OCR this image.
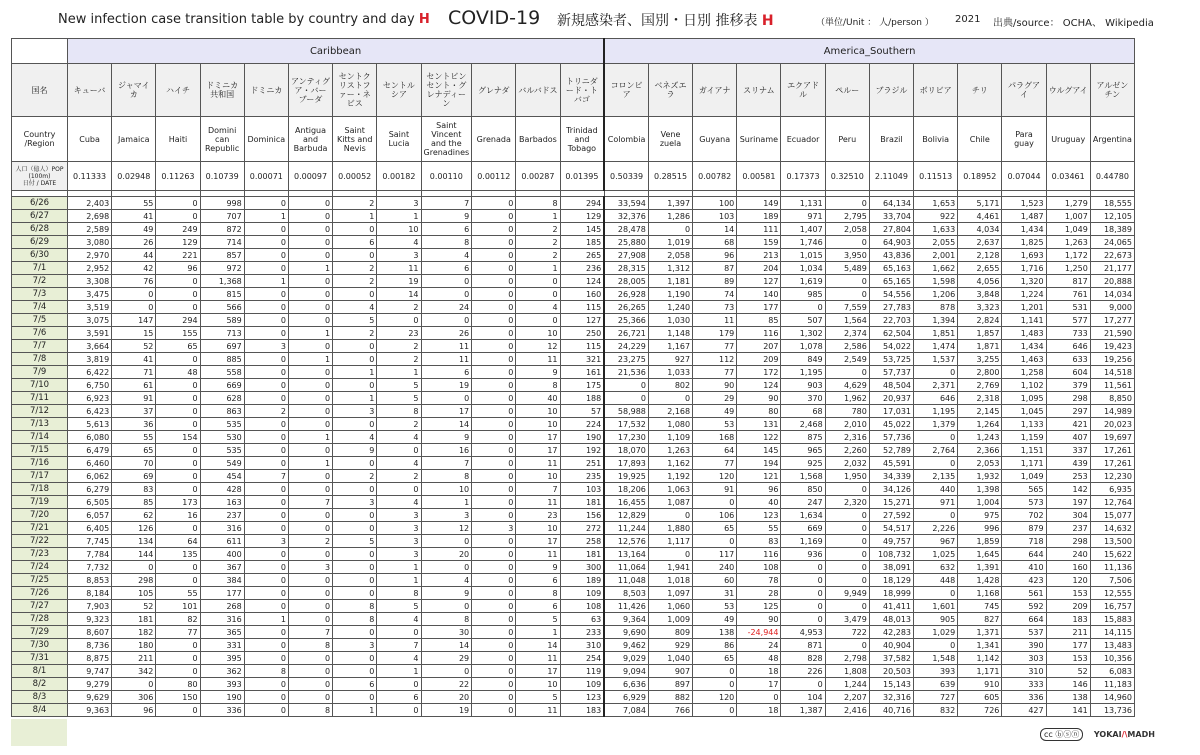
New infection case transition table by country and day H COVID-19 新規感染者、国別・日別 推移表 H	（単位/Unit ： 人/person ） 2021 出典/source： OCHA、 Wikipedia
	Caribbean												America_Southern											
国名	キューバ	ジャマイカ	ハイチ	ドミニカ共和国	ドミニカ	アンティグア・バーブーダ	セントクリストファー・ネビス	セントルシア	セントビンセント・グレナディーン	グレナダ	バルバドス	トリニダード・トバゴ	コロンビア	ベネズエラ	ガイアナ	スリナム	エクアドル	ペルー	ブラジル	ボリビア	チリ	パラグアイ	ウルグアイ	アルゼンチン
Country /Region	Cuba	Jamaica	Haiti	Domini can Republic	Dominica	Antigua and Barbuda	Saint Kitts and Nevis	Saint Lucia	Saint Vincent and the Grenadines	Grenada	Barbados	Trinidad and Tobago	Colombia	Vene zuela	Guyana	Suriname	Ecuador	Peru	Brazil	Bolivia	Chile	Para guay	Uruguay	Argentina

人口（億人）POP (100m)
日付 / DATE	0.11333	0.02948	0.11263	0.10739	0.00071	0.00097	0.00052	0.00182	0.00110	0.00112	0.00287	0.01395	0.50339	0.28515	0.00782	0.00581	0.17373	0.32510	2.11049	0.11513	0.18952	0.07044	0.03461	0.44780

6/26	2,403	55	0	998	0	0	2	3	7	0	8	294	33,594	1,397	100	149	1,131	0	64,134	1,653	5,171	1,523	1,279	18,555
6/27	2,698	41	0	707	1	0	1	1	9	0	1	129	32,376	1,286	103	189	971	2,795	33,704	922	4,461	1,487	1,007	12,105
6/28	2,589	49	249	872	0	0	0	10	6	0	2	145	28,478	0	14	111	1,407	2,058	27,804	1,633	4,034	1,434	1,049	18,389
6/29	3,080	26	129	714	0	0	6	4	8	0	2	185	25,880	1,019	68	159	1,746	0	64,903	2,055	2,637	1,825	1,263	24,065
6/30	2,970	44	221	857	0	0	0	3	4	0	2	265	27,908	2,058	96	213	1,015	3,950	43,836	2,001	2,128	1,693	1,172	22,673
7/1	2,952	42	96	972	0	1	2	11	6	0	1	236	28,315	1,312	87	204	1,034	5,489	65,163	1,662	2,655	1,716	1,250	21,177
7/2	3,308	76	0	1,368	1	0	2	19	0	0	0	124	28,005	1,181	89	127	1,619	0	65,165	1,598	4,056	1,320	817	20,888
7/3	3,475	0	0	815	0	0	0	14	0	0	0	160	26,928	1,190	74	140	985	0	54,556	1,206	3,848	1,224	761	14,034
7/4	3,519	0	0	566	0	0	4	2	24	0	4	115	26,265	1,240	73	177	0	7,559	27,783	878	3,323	1,201	531	9,000
7/5	3,075	147	294	589	0	0	5	0	0	0	0	127	25,366	1,030	11	85	507	1,564	22,703	1,394	2,824	1,141	577	17,277
7/6	3,591	15	155	713	0	1	2	23	26	0	10	250	26,721	1,148	179	116	1,302	2,374	62,504	1,851	1,857	1,483	733	21,590
7/7	3,664	52	65	697	3	0	0	2	11	0	12	115	24,229	1,167	77	207	1,078	2,586	54,022	1,474	1,871	1,434	646	19,423
7/8	3,819	41	0	885	0	1	0	2	11	0	11	321	23,275	927	112	209	849	2,549	53,725	1,537	3,255	1,463	633	19,256
7/9	6,422	71	48	558	0	0	1	1	6	0	9	161	21,536	1,033	77	172	1,195	0	57,737	0	2,800	1,258	604	14,518
7/10	6,750	61	0	669	0	0	0	5	19	0	8	175	0	802	90	124	903	4,629	48,504	2,371	2,769	1,102	379	11,561
7/11	6,923	91	0	628	0	0	1	5	0	0	40	188	0	0	29	90	370	1,962	20,937	646	2,318	1,095	298	8,850
7/12	6,423	37	0	863	2	0	3	8	17	0	10	57	58,988	2,168	49	80	68	780	17,031	1,195	2,145	1,045	297	14,989
7/13	5,613	36	0	535	0	0	0	2	14	0	10	224	17,532	1,080	53	131	2,468	2,010	45,022	1,379	1,264	1,133	421	20,023
7/14	6,080	55	154	530	0	1	4	4	9	0	17	190	17,230	1,109	168	122	875	2,316	57,736	0	1,243	1,159	407	19,697
7/15	6,479	65	0	535	0	0	9	0	16	0	17	192	18,070	1,263	64	145	965	2,260	52,789	2,764	2,366	1,151	337	17,261
7/16	6,460	70	0	549	0	1	0	4	7	0	11	251	17,893	1,162	77	194	925	2,032	45,591	0	2,053	1,171	439	17,261
7/17	6,062	69	0	454	7	0	2	2	8	0	10	235	19,925	1,192	120	121	1,568	1,950	34,339	2,135	1,932	1,049	253	12,230
7/18	6,279	83	0	428	0	0	0	0	10	0	7	103	18,206	1,063	91	96	850	0	34,126	440	1,398	565	142	6,935
7/19	6,505	85	173	163	0	7	3	4	1	0	11	181	16,455	1,087	0	40	247	2,320	15,271	971	1,004	573	197	12,764
7/20	6,057	62	16	237	0	0	0	3	3	0	23	156	12,829	0	106	123	1,634	0	27,592	0	975	702	304	15,077
7/21	6,405	126	0	316	0	0	0	3	12	3	10	272	11,244	1,880	65	55	669	0	54,517	2,226	996	879	237	14,632
7/22	7,745	134	64	611	3	2	5	3	0	0	17	258	12,576	1,117	0	83	1,169	0	49,757	967	1,859	718	298	13,500
7/23	7,784	144	135	400	0	0	0	3	20	0	11	181	13,164	0	117	116	936	0	108,732	1,025	1,645	644	240	15,622
7/24	7,732	0	0	367	0	3	0	1	0	0	9	300	11,064	1,941	240	108	0	0	38,091	632	1,391	410	160	11,136
7/25	8,853	298	0	384	0	0	0	1	4	0	6	189	11,048	1,018	60	78	0	0	18,129	448	1,428	423	120	7,506
7/26	8,184	105	55	177	0	0	0	8	9	0	8	109	8,503	1,097	31	28	0	9,949	18,999	0	1,168	561	153	12,555
7/27	7,903	52	101	268	0	0	8	5	0	0	6	108	11,426	1,060	53	125	0	0	41,411	1,601	745	592	209	16,757
7/28	9,323	181	82	316	1	0	8	4	8	0	5	63	9,364	1,009	49	90	0	3,479	48,013	905	827	664	183	15,883
7/29	8,607	182	77	365	0	7	0	0	30	0	1	233	9,690	809	138	-24,944	4,953	722	42,283	1,029	1,371	537	211	14,115
7/30	8,736	180	0	331	0	8	3	7	14	0	14	310	9,462	929	86	24	871	0	40,904	0	1,341	390	177	13,483
7/31	8,875	211	0	395	0	0	0	4	29	0	11	254	9,029	1,040	65	48	828	2,798	37,582	1,548	1,142	303	153	10,356
8/1	9,747	342	0	362	8	0	0	1	0	0	17	119	9,094	907	0	18	226	1,808	20,503	393	1,171	310	52	6,083
8/2	9,279	0	80	393	0	0	6	0	22	0	10	109	6,636	897	0	17	0	1,244	15,143	639	910	333	146	11,183
8/3	9,629	306	150	190	0	0	0	6	20	0	5	123	6,929	882	120	0	104	2,207	32,316	727	605	336	138	14,960
8/4	9,363	96	0	336	0	8	1	0	19	0	11	183	7,084	766	0	18	1,387	2,416	40,716	832	726	427	141	13,736
cc ⓑⓢⓝ YOKAI/\MADH
